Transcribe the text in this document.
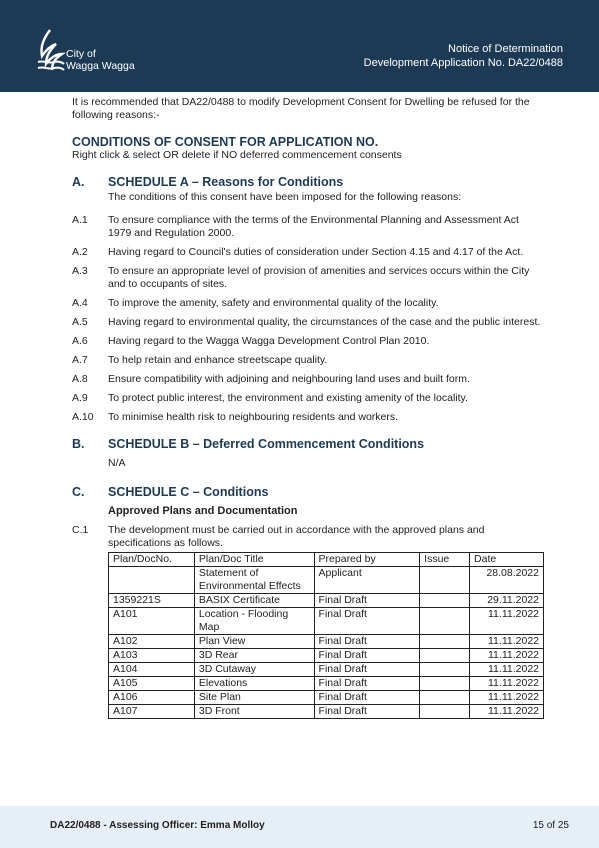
City of
Wagga Wagga
Notice of Determination
Development Application No. DA22/0488
It is recommended that DA22/0488 to modify Development Consent for Dwelling be refused for the following reasons:-
CONDITIONS OF CONSENT FOR APPLICATION NO.
Right click & select OR delete if NO deferred commencement consents
A.	SCHEDULE A – Reasons for Conditions
The conditions of this consent have been imposed for the following reasons:
A.1	To ensure compliance with the terms of the Environmental Planning and Assessment Act 1979 and Regulation 2000.
A.2	Having regard to Council's duties of consideration under Section 4.15 and 4.17 of the Act.
A.3	To ensure an appropriate level of provision of amenities and services occurs within the City and to occupants of sites.
A.4	To improve the amenity, safety and environmental quality of the locality.
A.5	Having regard to environmental quality, the circumstances of the case and the public interest.
A.6	Having regard to the Wagga Wagga Development Control Plan 2010.
A.7	To help retain and enhance streetscape quality.
A.8	Ensure compatibility with adjoining and neighbouring land uses and built form.
A.9	To protect public interest, the environment and existing amenity of the locality.
A.10	To minimise health risk to neighbouring residents and workers.
B.	SCHEDULE B – Deferred Commencement Conditions
N/A
C.	SCHEDULE C – Conditions
Approved Plans and Documentation
C.1	The development must be carried out in accordance with the approved plans and specifications as follows.
Plan/DocNo.	Plan/Doc Title	Prepared by	Issue	Date
	Statement of Environmental Effects	Applicant		28.08.2022
1359221S	BASIX Certificate	Final Draft		29.11.2022
A101	Location - Flooding Map	Final Draft		11.11.2022
A102	Plan View	Final Draft		11.11.2022
A103	3D Rear	Final Draft		11.11.2022
A104	3D Cutaway	Final Draft		11.11.2022
A105	Elevations	Final Draft		11.11.2022
A106	Site Plan	Final Draft		11.11.2022
A107	3D Front	Final Draft		11.11.2022
DA22/0488 - Assessing Officer: Emma Molloy	15 of 25
